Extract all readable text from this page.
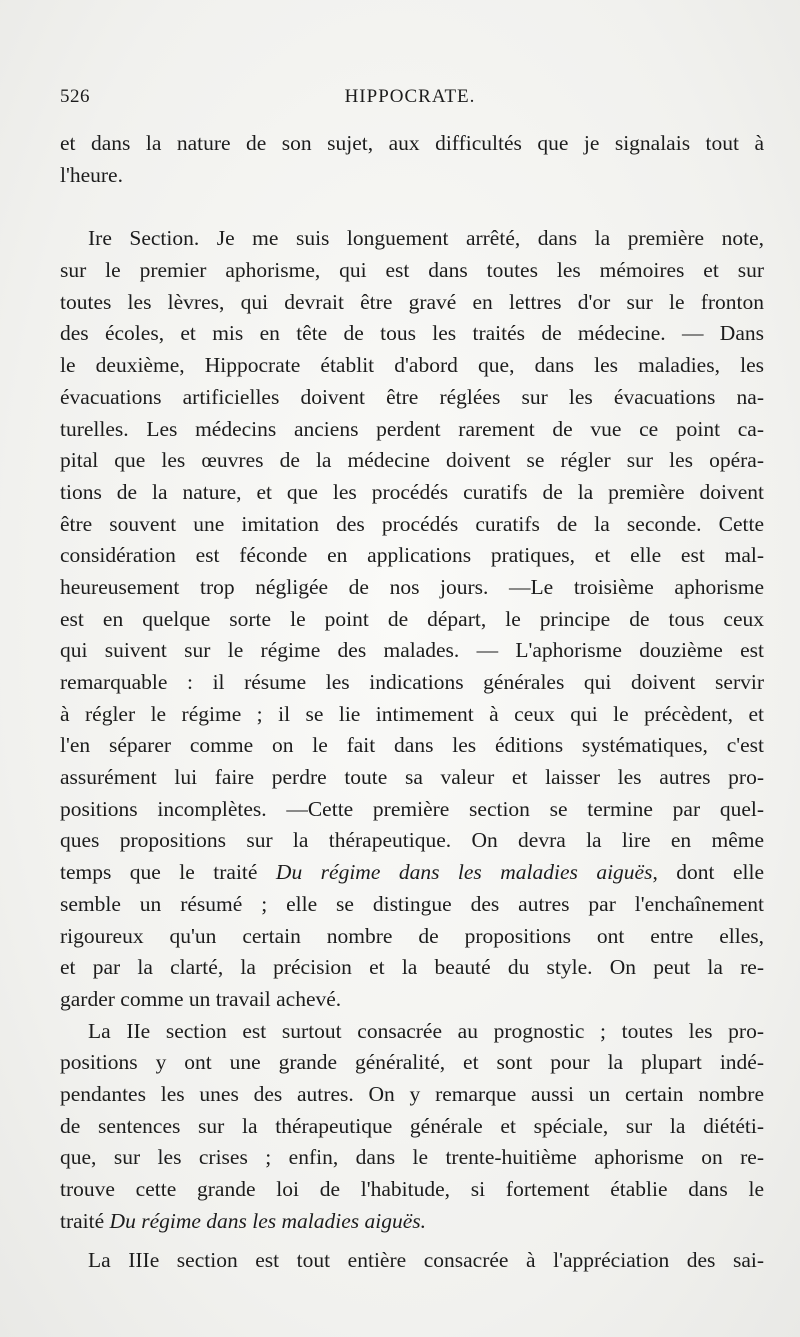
526	HIPPOCRATE.
et dans la nature de son sujet, aux difficultés que je signalais tout à
l'heure.
Ire Section. Je me suis longuement arrêté, dans la première note,
sur le premier aphorisme, qui est dans toutes les mémoires et sur
toutes les lèvres, qui devrait être gravé en lettres d'or sur le fronton
des écoles, et mis en tête de tous les traités de médecine. — Dans
le deuxième, Hippocrate établit d'abord que, dans les maladies, les
évacuations artificielles doivent être réglées sur les évacuations na-
turelles. Les médecins anciens perdent rarement de vue ce point ca-
pital que les œuvres de la médecine doivent se régler sur les opéra-
tions de la nature, et que les procédés curatifs de la première doivent
être souvent une imitation des procédés curatifs de la seconde. Cette
considération est féconde en applications pratiques, et elle est mal-
heureusement trop négligée de nos jours. —Le troisième aphorisme
est en quelque sorte le point de départ, le principe de tous ceux
qui suivent sur le régime des malades. — L'aphorisme douzième est
remarquable : il résume les indications générales qui doivent servir
à régler le régime ; il se lie intimement à ceux qui le précèdent, et
l'en séparer comme on le fait dans les éditions systématiques, c'est
assurément lui faire perdre toute sa valeur et laisser les autres pro-
positions incomplètes. —Cette première section se termine par quel-
ques propositions sur la thérapeutique. On devra la lire en même
temps que le traité Du régime dans les maladies aiguës, dont elle
semble un résumé ; elle se distingue des autres par l'enchaînement
rigoureux qu'un certain nombre de propositions ont entre elles,
et par la clarté, la précision et la beauté du style. On peut la re-
garder comme un travail achevé.
La IIe section est surtout consacrée au prognostic ; toutes les pro-
positions y ont une grande généralité, et sont pour la plupart indé-
pendantes les unes des autres. On y remarque aussi un certain nombre
de sentences sur la thérapeutique générale et spéciale, sur la diététi-
que, sur les crises ; enfin, dans le trente-huitième aphorisme on re-
trouve cette grande loi de l'habitude, si fortement établie dans le
traité Du régime dans les maladies aiguës.
La IIIe section est tout entière consacrée à l'appréciation des sai-
